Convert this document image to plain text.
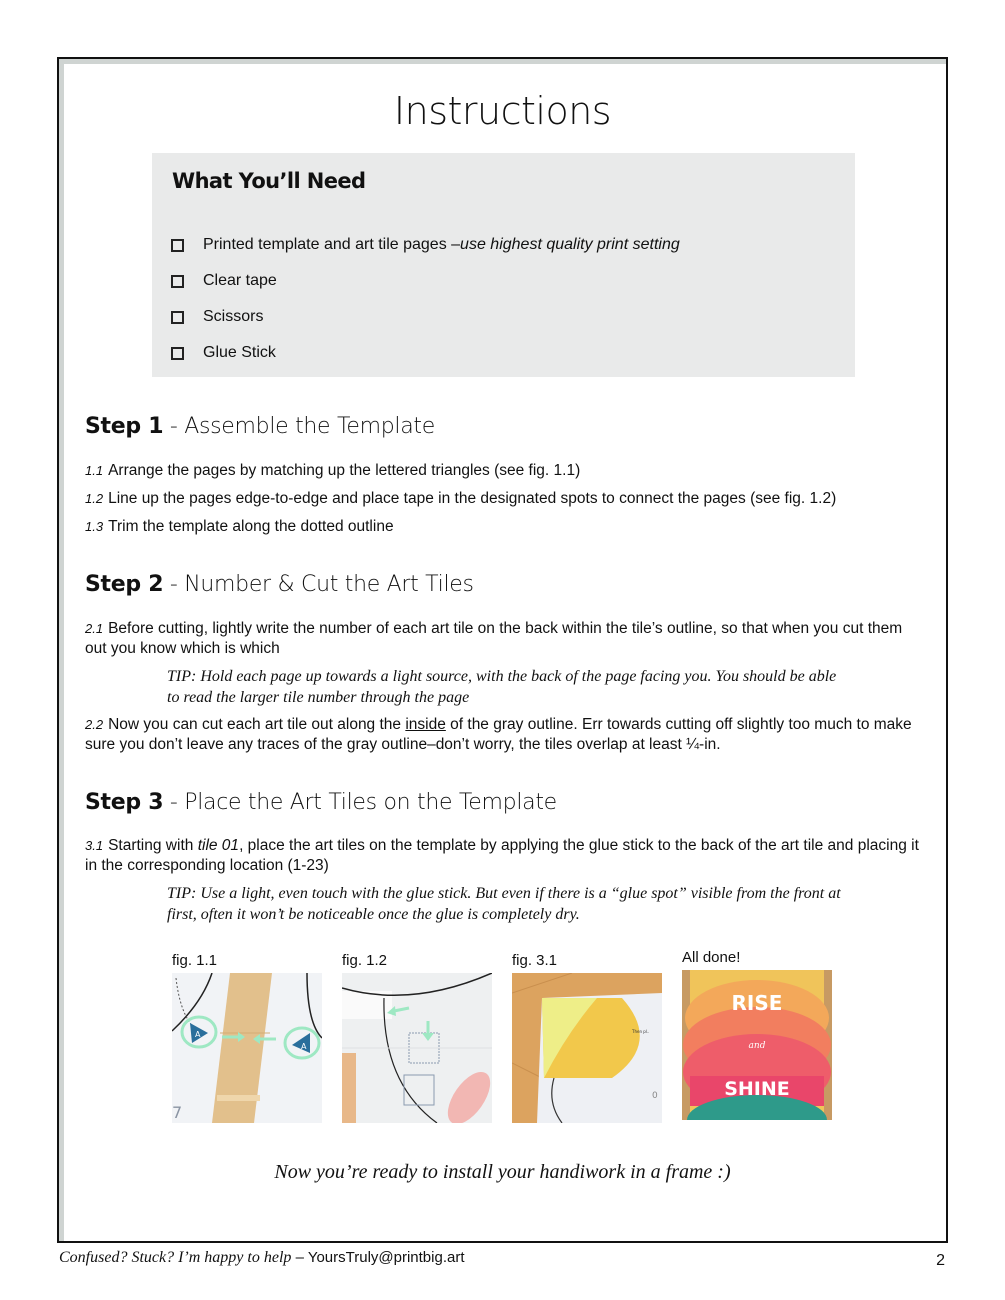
Instructions
What You’ll Need
Printed template and art tile pages – use highest quality print setting
Clear tape
Scissors
Glue Stick
Step 1 - Assemble the Template

1.1 Arrange the pages by matching up the lettered triangles (see fig. 1.1)

1.2 Line up the pages edge-to-edge and place tape in the designated spots to connect the pages (see fig. 1.2)

1.3 Trim the template along the dotted outline

Step 2 - Number & Cut the Art Tiles

2.1 Before cutting, lightly write the number of each art tile on the back within the tile’s outline, so that when you cut them out you know which is which

TIP: Hold each page up towards a light source, with the back of the page facing you. You should be able to read the larger tile number through the page

2.2 Now you can cut each art tile out along the inside of the gray outline. Err towards cutting off slightly too much to make sure you don’t leave any traces of the gray outline–don’t worry, the tiles overlap at least ¼-in.

Step 3 - Place the Art Tiles on the Template

3.1 Starting with tile 01, place the art tiles on the template by applying the glue stick to the back of the art tile and placing it in the corresponding location (1-23)

TIP: Use a light, even touch with the glue stick. But even if there is a “glue spot” visible from the front at first, often it won’t be noticeable once the glue is completely dry.

fig. 1.1
A
A
7
fig. 1.2	fig. 3.1
Then pl..
0
All done!
RISE
and
SHINE

Now you’re ready to install your handiwork in a frame :)

Confused? Stuck? I’m happy to help – YoursTruly@printbig.art	2
